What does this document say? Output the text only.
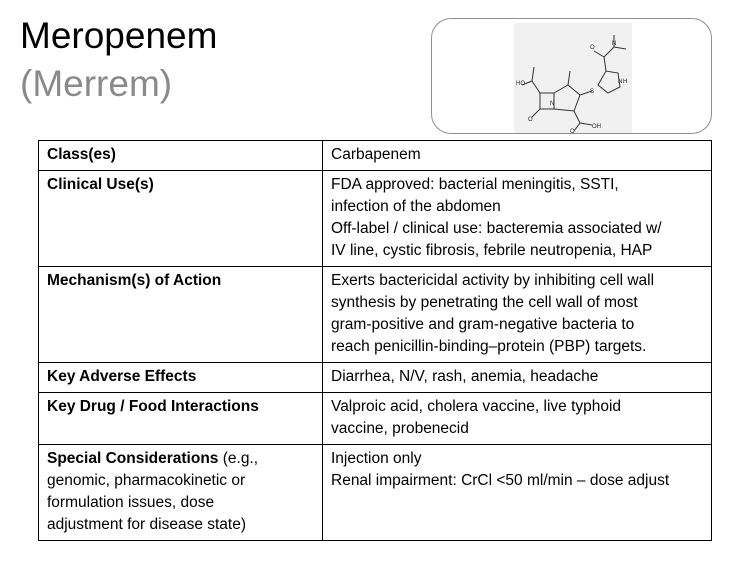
Meropenem
(Merrem)
O
N
HO
N
S
O
O
OH
N H
Class(es)	Carbapenem

Clinical Use(s)	FDA approved: bacterial meningitis, SSTI,
infection of the abdomen
Off-label / clinical use: bacteremia associated w/
IV line, cystic fibrosis, febrile neutropenia, HAP

Mechanism(s) of Action	Exerts bactericidal activity by inhibiting cell wall
synthesis by penetrating the cell wall of most
gram-positive and gram-negative bacteria to
reach penicillin-binding–protein (PBP) targets.

Key Adverse Effects	Diarrhea, N/V, rash, anemia, headache

Key Drug / Food Interactions	Valproic acid, cholera vaccine, live typhoid
vaccine, probenecid

Special Considerations (e.g.,
genomic, pharmacokinetic or
formulation issues, dose
adjustment for disease state)	Injection only
Renal impairment: CrCl <50 ml/min – dose adjust
